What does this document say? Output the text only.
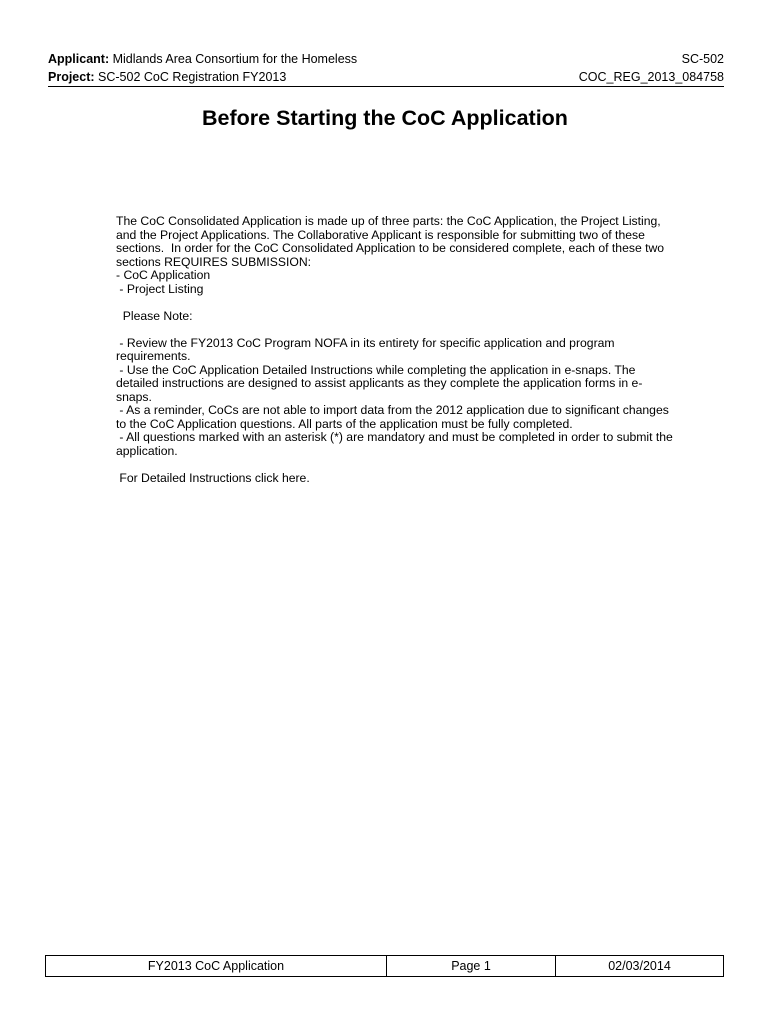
Applicant: Midlands Area Consortium for the Homeless	SC-502
Project: SC-502 CoC Registration FY2013	COC_REG_2013_084758
Before Starting the CoC Application

The CoC Consolidated Application is made up of three parts: the CoC Application, the Project Listing, and the Project Applications. The Collaborative Applicant is responsible for submitting two of these sections.  In order for the CoC Consolidated Application to be considered complete, each of these two sections REQUIRES SUBMISSION:

- CoC Application

- Project Listing

Please Note:

- Review the FY2013 CoC Program NOFA in its entirety for specific application and program requirements.

- Use the CoC Application Detailed Instructions while completing the application in e-snaps. The detailed instructions are designed to assist applicants as they complete the application forms in e-snaps.

- As a reminder, CoCs are not able to import data from the 2012 application due to significant changes to the CoC Application questions. All parts of the application must be fully completed.

- All questions marked with an asterisk (*) are mandatory and must be completed in order to submit the application.

For Detailed Instructions click here.

FY2013 CoC Application	Page 1	02/03/2014
